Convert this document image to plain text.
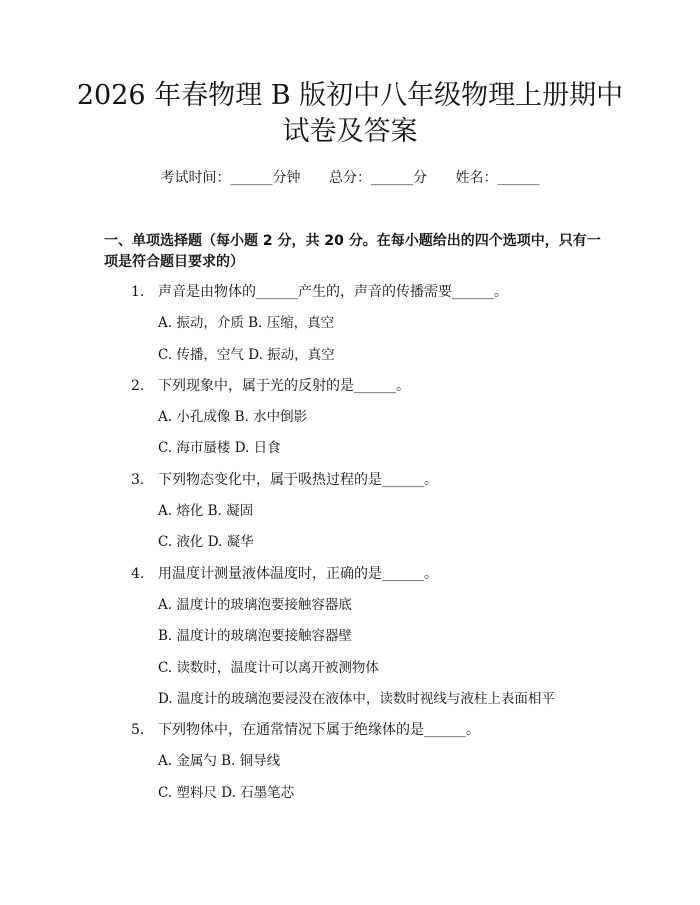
2026 年春物理 B 版初中八年级物理上册期中
试卷及答案
考试时间：______分钟 总分：______分 姓名：______
一、单项选择题（每小题 2 分，共 20 分。在每小题给出的四个选项中，只有一项是符合题目要求的）
1. 声音是由物体的______产生的，声音的传播需要______。
A. 振动，介质 B. 压缩，真空
C. 传播，空气 D. 振动，真空
2. 下列现象中，属于光的反射的是______。
A. 小孔成像 B. 水中倒影
C. 海市蜃楼 D. 日食
3. 下列物态变化中，属于吸热过程的是______。
A. 熔化 B. 凝固
C. 液化 D. 凝华
4. 用温度计测量液体温度时，正确的是______。
A. 温度计的玻璃泡要接触容器底
B. 温度计的玻璃泡要接触容器壁
C. 读数时，温度计可以离开被测物体
D. 温度计的玻璃泡要浸没在液体中，读数时视线与液柱上表面相平
5. 下列物体中，在通常情况下属于绝缘体的是______。
A. 金属勺 B. 铜导线
C. 塑料尺 D. 石墨笔芯
